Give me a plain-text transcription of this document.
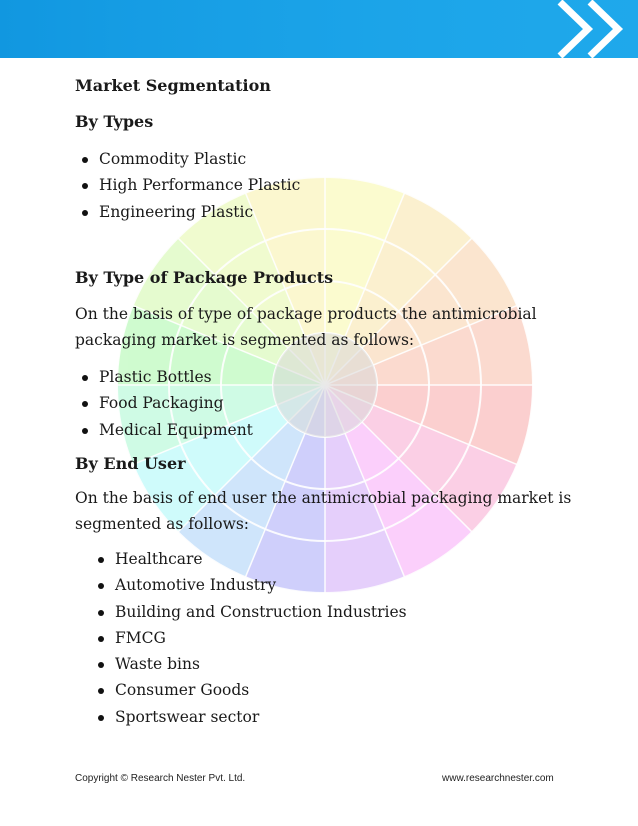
Market Segmentation
By Types
Commodity Plastic
High Performance Plastic
Engineering Plastic
By Type of Package Products
On the basis of type of package products the antimicrobial packaging market is segmented as follows:
Plastic Bottles
Food Packaging
Medical Equipment
By End User
On the basis of end user the antimicrobial packaging market is segmented as follows:
Healthcare
Automotive Industry
Building and Construction Industries
FMCG
Waste bins
Consumer Goods
Sportswear sector
Copyright © Research Nester Pvt. Ltd.	www.researchnester.com
